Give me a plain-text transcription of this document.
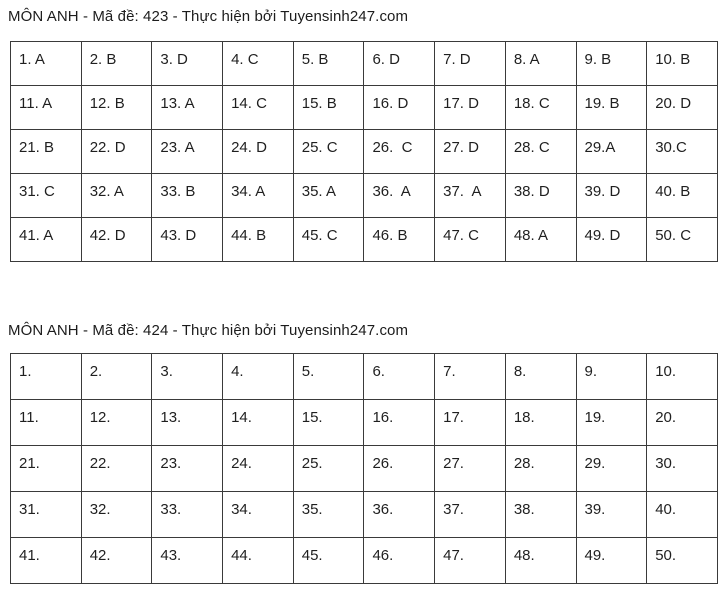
MÔN ANH - Mã đề: 423 - Thực hiện bởi Tuyensinh247.com
1. A	2. B	3. D	4. C	5. B	6. D	7. D	8. A	9. B	10. B
11. A	12. B	13. A	14. C	15. B	16. D	17. D	18. C	19. B	20. D
21. B	22. D	23. A	24. D	25. C	26.  C	27. D	28. C	29.A	30.C
31. C	32. A	33. B	34. A	35. A	36.  A	37.  A	38. D	39. D	40. B
41. A	42. D	43. D	44. B	45. C	46. B	47. C	48. A	49. D	50. C
MÔN ANH - Mã đề: 424 - Thực hiện bởi Tuyensinh247.com
1.	2.	3.	4.	5.	6.	7.	8.	9.	10.
11.	12.	13.	14.	15.	16.	17.	18.	19.	20.
21.	22.	23.	24.	25.	26.	27.	28.	29.	30.
31.	32.	33.	34.	35.	36.	37.	38.	39.	40.
41.	42.	43.	44.	45.	46.	47.	48.	49.	50.
